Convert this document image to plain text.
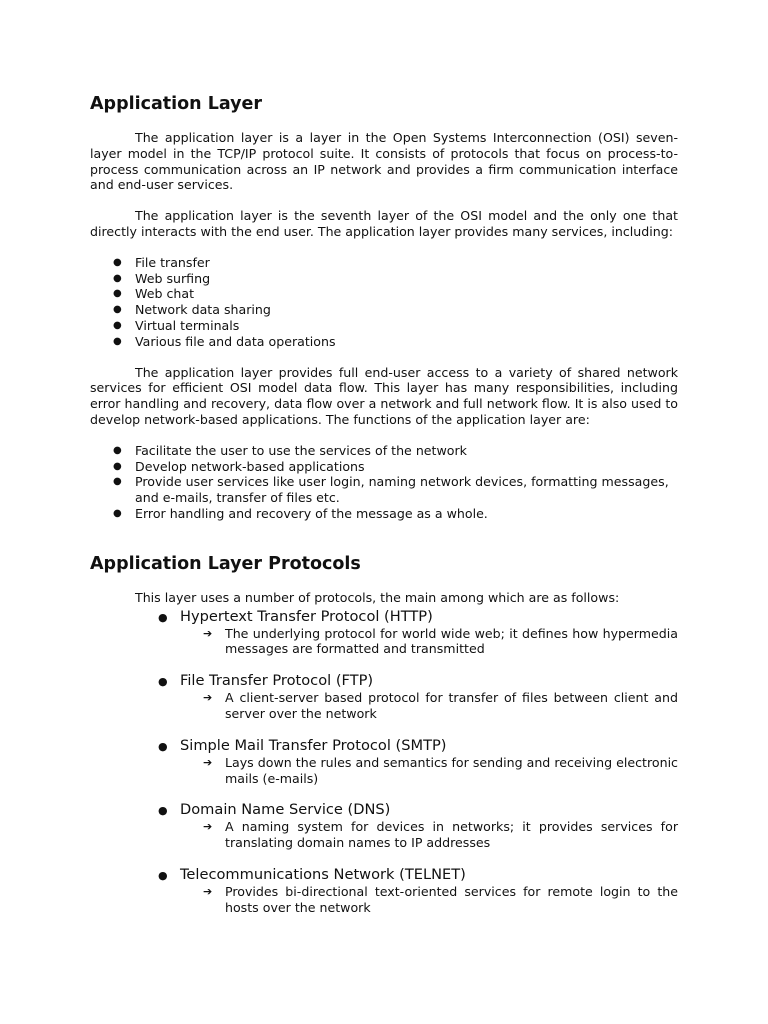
Application Layer

The application layer is a layer in the Open Systems Interconnection (OSI) seven-layer model in the TCP/IP protocol suite. It consists of protocols that focus on process-to-process communication across an IP network and provides a firm communication interface and end-user services.

The application layer is the seventh layer of the OSI model and the only one that directly interacts with the end user. The application layer provides many services, including:

● File transfer
● Web surfing
● Web chat
● Network data sharing
● Virtual terminals
● Various file and data operations

The application layer provides full end-user access to a variety of shared network services for efficient OSI model data flow. This layer has many responsibilities, including error handling and recovery, data flow over a network and full network flow. It is also used to develop network-based applications. The functions of the application layer are:

● Facilitate the user to use the services of the network
● Develop network-based applications
● Provide user services like user login, naming network devices, formatting messages, and e-mails, transfer of files etc.
● Error handling and recovery of the message as a whole.
Application Layer Protocols

This layer uses a number of protocols, the main among which are as follows:

● Hypertext Transfer Protocol (HTTP)
➔ The underlying protocol for world wide web; it defines how hypermedia messages are formatted and transmitted
● File Transfer Protocol (FTP)
➔ A client-server based protocol for transfer of files between client and server over the network
● Simple Mail Transfer Protocol (SMTP)
➔ Lays down the rules and semantics for sending and receiving electronic mails (e-mails)
● Domain Name Service (DNS)
➔ A naming system for devices in networks; it provides services for translating domain names to IP addresses
● Telecommunications Network (TELNET)
➔ Provides bi-directional text-oriented services for remote login to the hosts over the network
